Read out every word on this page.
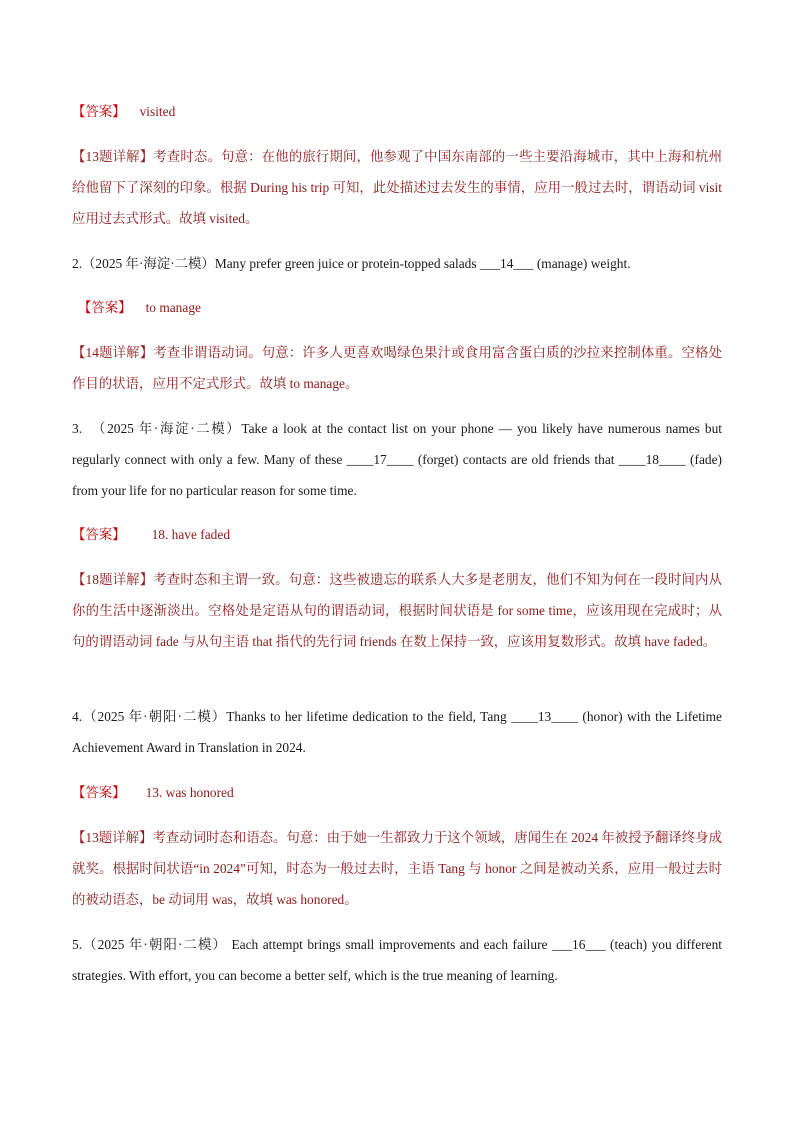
【答案】 visited
【13题详解】考查时态。句意：在他的旅行期间，他参观了中国东南部的一些主要沿海城市，其中上海和杭州给他留下了深刻的印象。根据 During his trip 可知，此处描述过去发生的事情，应用一般过去时，谓语动词 visit 应用过去式形式。故填 visited。
2.（2025 年·海淀·二模）Many prefer green juice or protein-topped salads ___14___ (manage) weight.
【答案】 to manage
【14题详解】考查非谓语动词。句意：许多人更喜欢喝绿色果汁或食用富含蛋白质的沙拉来控制体重。空格处作目的状语，应用不定式形式。故填 to manage。
3.　（2025 年·海淀·二模）Take a look at the contact list on your phone — you likely have numerous names but regularly connect with only a few. Many of these ____17____ (forget) contacts are old friends that ____18____ (fade) from your life for no particular reason for some time.
【答案】 18. have faded
【18题详解】考查时态和主谓一致。句意：这些被遗忘的联系人大多是老朋友，他们不知为何在一段时间内从你的生活中逐渐淡出。空格处是定语从句的谓语动词，根据时间状语是 for some time，应该用现在完成时；从句的谓语动词 fade 与从句主语 that 指代的先行词 friends 在数上保持一致，应该用复数形式。故填 have faded。
4.（2025 年·朝阳·二模）Thanks to her lifetime dedication to the field, Tang ____13____ (honor) with the Lifetime Achievement Award in Translation in 2024.
【答案】 13. was honored
【13题详解】考查动词时态和语态。句意：由于她一生都致力于这个领域，唐闻生在 2024 年被授予翻译终身成就奖。根据时间状语“in 2024”可知，时态为一般过去时，主语 Tang 与 honor 之间是被动关系，应用一般过去时的被动语态，be 动词用 was，故填 was honored。
5.（2025 年·朝阳·二模） Each attempt brings small improvements and each failure ___16___ (teach) you different strategies. With effort, you can become a better self, which is the true meaning of learning.
